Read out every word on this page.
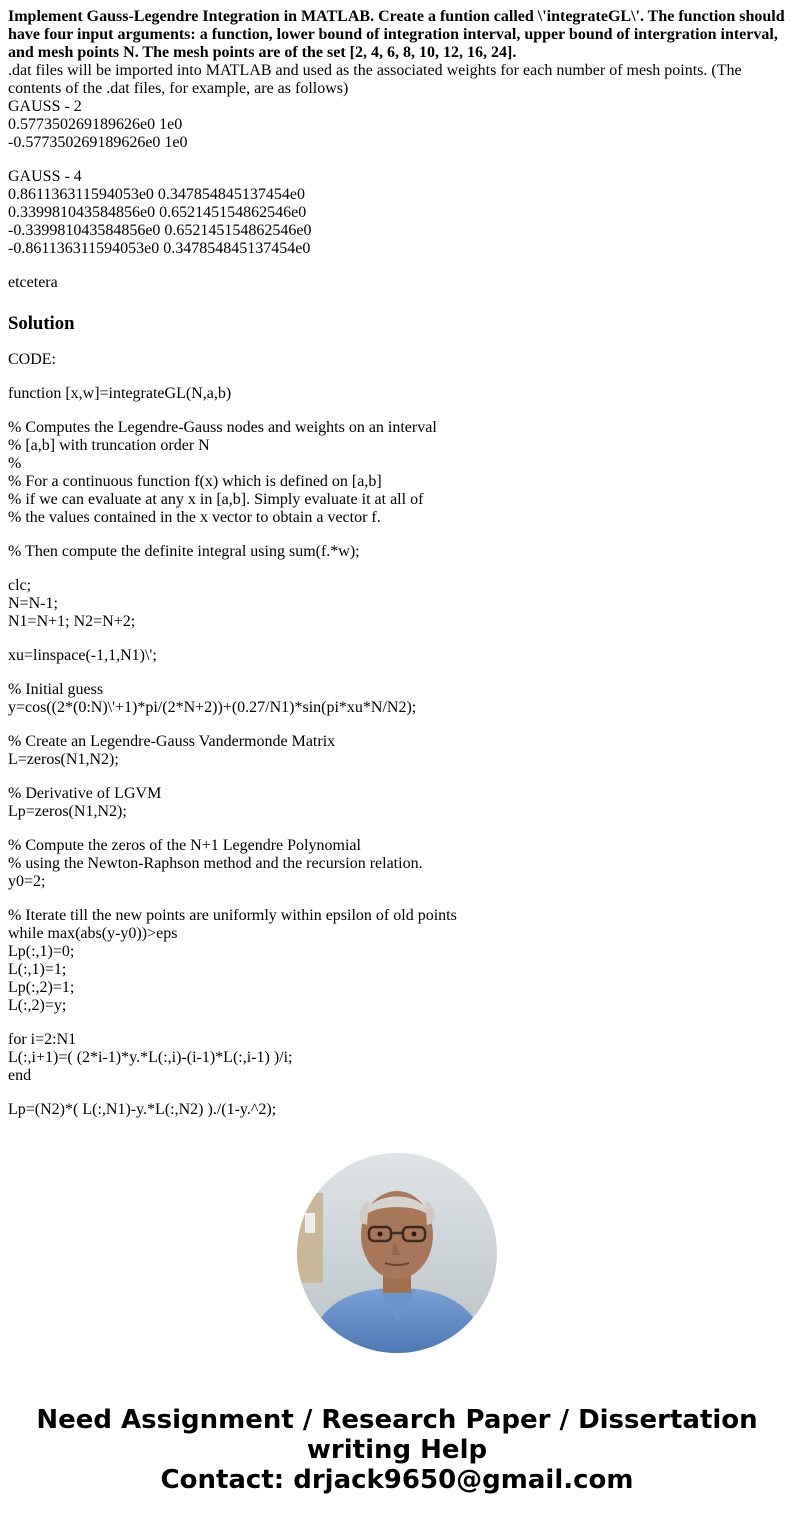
Implement Gauss-Legendre Integration in MATLAB. Create a funtion called \'integrateGL\'. The function should have four input arguments: a function, lower bound of integration interval, upper bound of intergration interval, and mesh points N. The mesh points are of the set [2, 4, 6, 8, 10, 12, 16, 24].
.dat files will be imported into MATLAB and used as the associated weights for each number of mesh points. (The
contents of the .dat files, for example, are as follows)
GAUSS - 2
0.577350269189626e0 1e0
-0.577350269189626e0 1e0
GAUSS - 4
0.861136311594053e0 0.347854845137454e0
0.339981043584856e0 0.652145154862546e0
-0.339981043584856e0 0.652145154862546e0
-0.861136311594053e0 0.347854845137454e0
etcetera
Solution
CODE:
function [x,w]=integrateGL(N,a,b)
% Computes the Legendre-Gauss nodes and weights on an interval
% [a,b] with truncation order N
%
% For a continuous function f(x) which is defined on [a,b]
% if we can evaluate at any x in [a,b]. Simply evaluate it at all of
% the values contained in the x vector to obtain a vector f.
% Then compute the definite integral using sum(f.*w);
clc;
N=N-1;
N1=N+1; N2=N+2;
xu=linspace(-1,1,N1)\';
% Initial guess
y=cos((2*(0:N)\'+1)*pi/(2*N+2))+(0.27/N1)*sin(pi*xu*N/N2);
% Create an Legendre-Gauss Vandermonde Matrix
L=zeros(N1,N2);
% Derivative of LGVM
Lp=zeros(N1,N2);
% Compute the zeros of the N+1 Legendre Polynomial
% using the Newton-Raphson method and the recursion relation.
y0=2;
% Iterate till the new points are uniformly within epsilon of old points
while max(abs(y-y0))>eps
Lp(:,1)=0;
L(:,1)=1;
Lp(:,2)=1;
L(:,2)=y;
for i=2:N1
L(:,i+1)=( (2*i-1)*y.*L(:,i)-(i-1)*L(:,i-1) )/i;
end
Lp=(N2)*( L(:,N1)-y.*L(:,N2) )./(1-y.^2);
Need Assignment / Research Paper / Dissertation
writing Help
Contact: drjack9650@gmail.com
